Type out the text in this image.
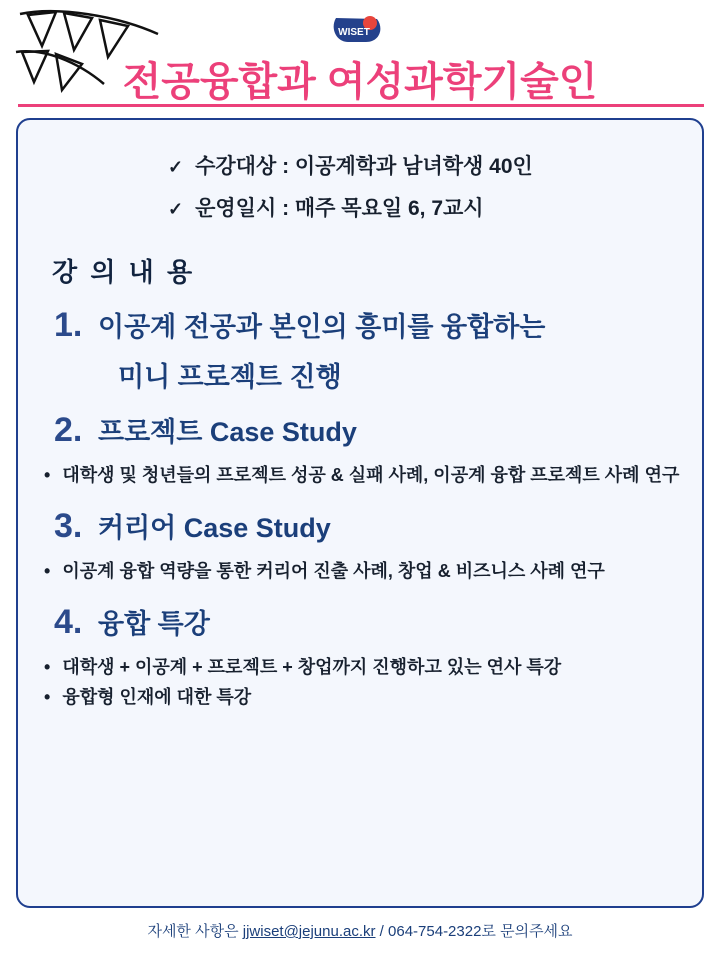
WISET
전공융합과 여성과학기술인
✓ 수강대상 : 이공계학과 남녀학생 40인
✓ 운영일시 : 매주 목요일 6, 7교시
강 의 내 용
1. 이공계 전공과 본인의 흥미를 융합하는
미니 프로젝트 진행
2. 프로젝트 Case Study
• 대학생 및 청년들의 프로젝트 성공 & 실패 사례, 이공계 융합 프로젝트 사례 연구
3. 커리어 Case Study
• 이공계 융합 역량을 통한 커리어 진출 사례, 창업 & 비즈니스 사례 연구
4. 융합 특강
• 대학생 + 이공계 + 프로젝트 + 창업까지 진행하고 있는 연사 특강
• 융합형 인재에 대한 특강
자세한 사항은 jjwiset@jejunu.ac.kr / 064-754-2322로 문의주세요
